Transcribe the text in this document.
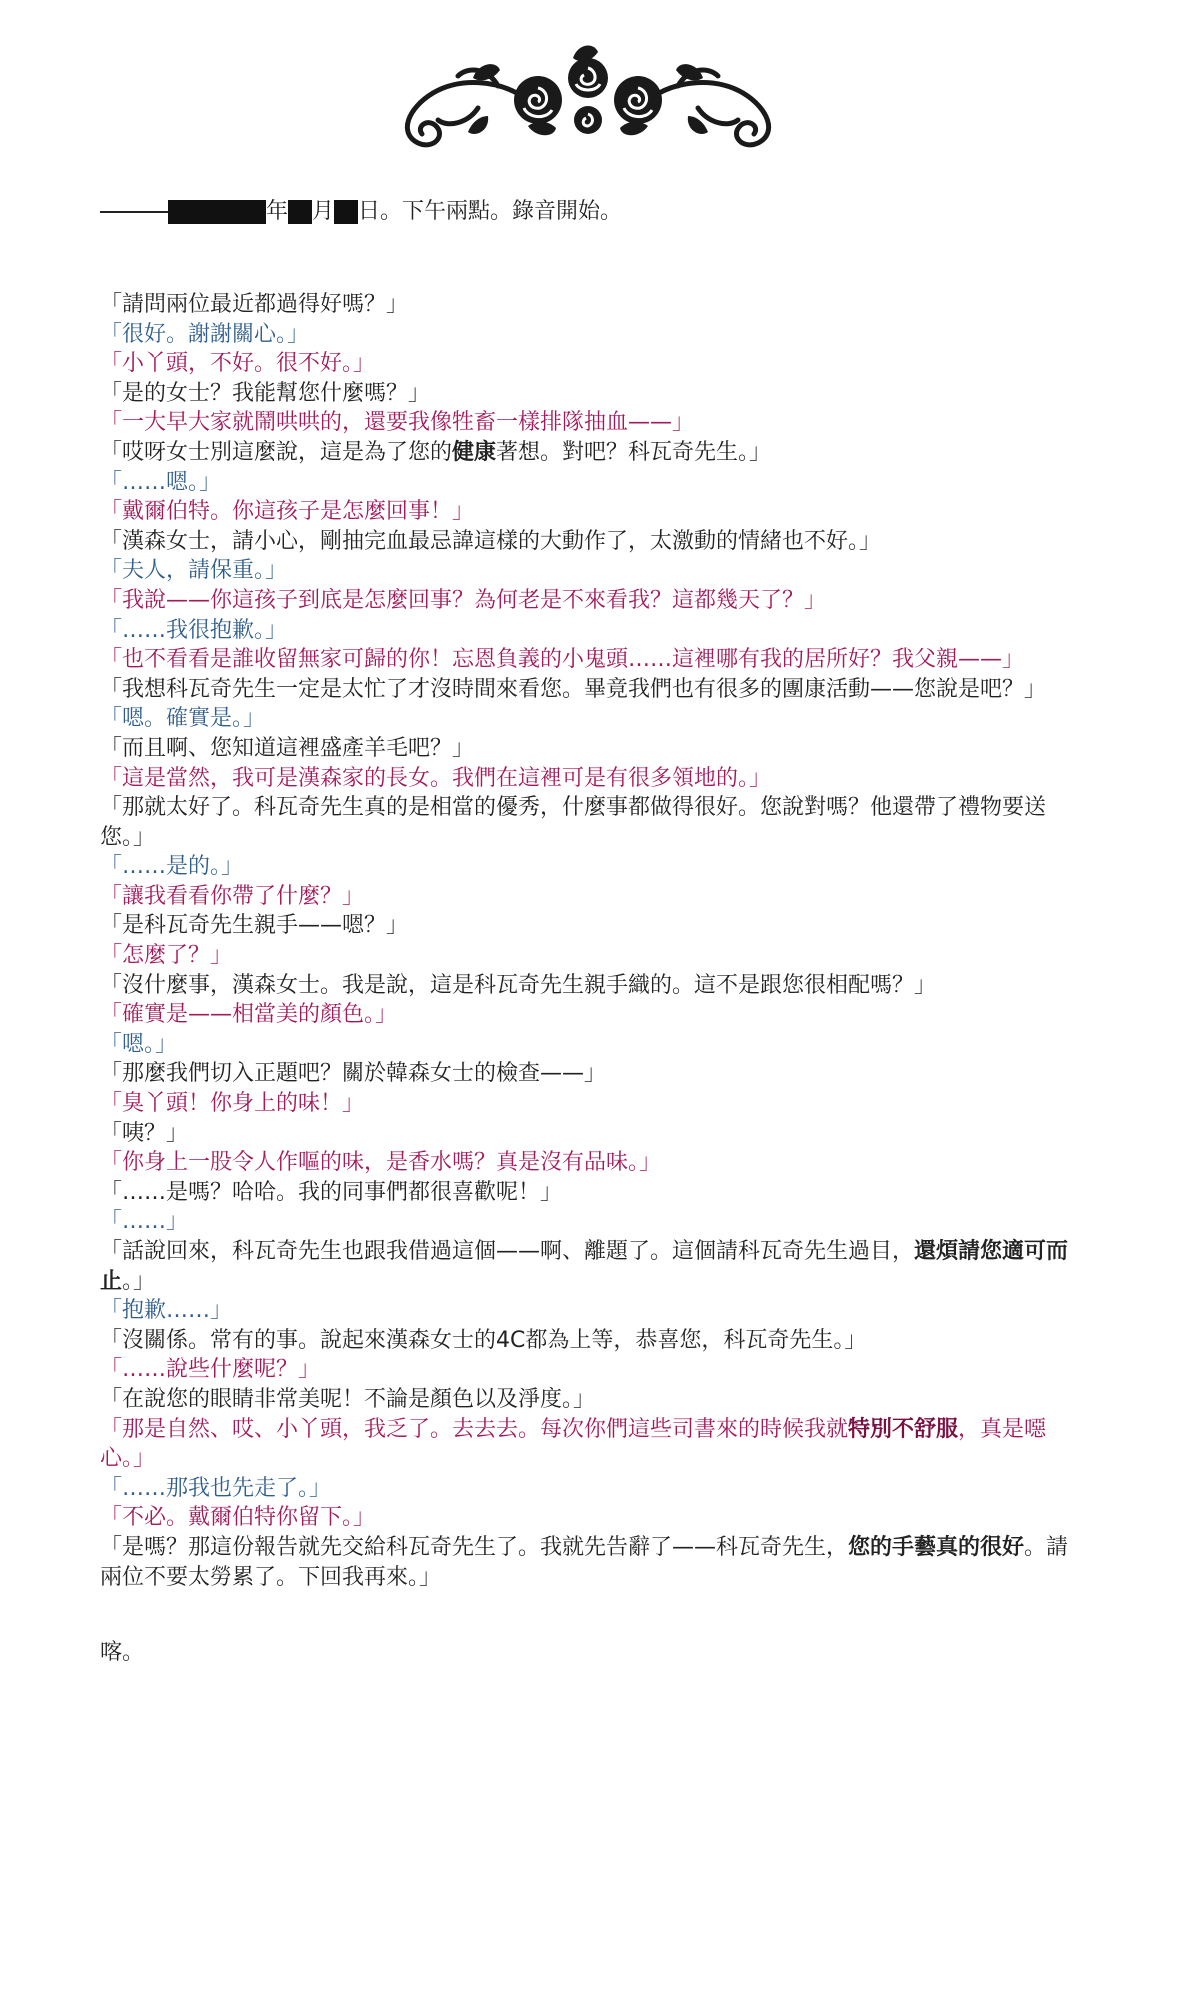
年 月 日。下午兩點。錄音開始。

「請問兩位最近都過得好嗎？」

「很好。謝謝關心。」

「小丫頭，不好。很不好。」

「是的女士？我能幫您什麼嗎？」

「一大早大家就鬧哄哄的，還要我像牲畜一樣排隊抽血——」

「哎呀女士別這麼說，這是為了您的健康著想。對吧？科瓦奇先生。」

「……嗯。」

「戴爾伯特。你這孩子是怎麼回事！」

「漢森女士，請小心，剛抽完血最忌諱這樣的大動作了，太激動的情緒也不好。」

「夫人，請保重。」

「我說——你這孩子到底是怎麼回事？為何老是不來看我？這都幾天了？」

「……我很抱歉。」

「也不看看是誰收留無家可歸的你！忘恩負義的小鬼頭……這裡哪有我的居所好？我父親——」

「我想科瓦奇先生一定是太忙了才沒時間來看您。畢竟我們也有很多的團康活動——您說是吧？」

「嗯。確實是。」

「而且啊、您知道這裡盛產羊毛吧？」

「這是當然，我可是漢森家的長女。我們在這裡可是有很多領地的。」

「那就太好了。科瓦奇先生真的是相當的優秀，什麼事都做得很好。您說對嗎？他還帶了禮物要送您。」

「……是的。」

「讓我看看你帶了什麼？」

「是科瓦奇先生親手——嗯？」

「怎麼了？」

「沒什麼事，漢森女士。我是說，這是科瓦奇先生親手織的。這不是跟您很相配嗎？」

「確實是——相當美的顏色。」

「嗯。」

「那麼我們切入正題吧？關於韓森女士的檢查——」

「臭丫頭！你身上的味！」

「咦？」

「你身上一股令人作嘔的味，是香水嗎？真是沒有品味。」

「……是嗎？哈哈。我的同事們都很喜歡呢！」

「……」

「話說回來，科瓦奇先生也跟我借過這個——啊、離題了。這個請科瓦奇先生過目，還煩請您適可而止。」

「抱歉……」

「沒關係。常有的事。說起來漢森女士的4C都為上等，恭喜您，科瓦奇先生。」

「……說些什麼呢？」

「在說您的眼睛非常美呢！不論是顏色以及淨度。」

「那是自然、哎、小丫頭，我乏了。去去去。每次你們這些司書來的時候我就特別不舒服，真是噁心。」

「……那我也先走了。」

「不必。戴爾伯特你留下。」

「是嗎？那這份報告就先交給科瓦奇先生了。我就先告辭了——科瓦奇先生，您的手藝真的很好。請兩位不要太勞累了。下回我再來。」

喀。
